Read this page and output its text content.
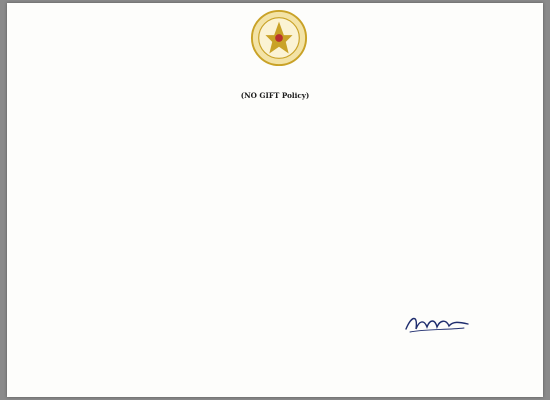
(NO GIFT Policy)
